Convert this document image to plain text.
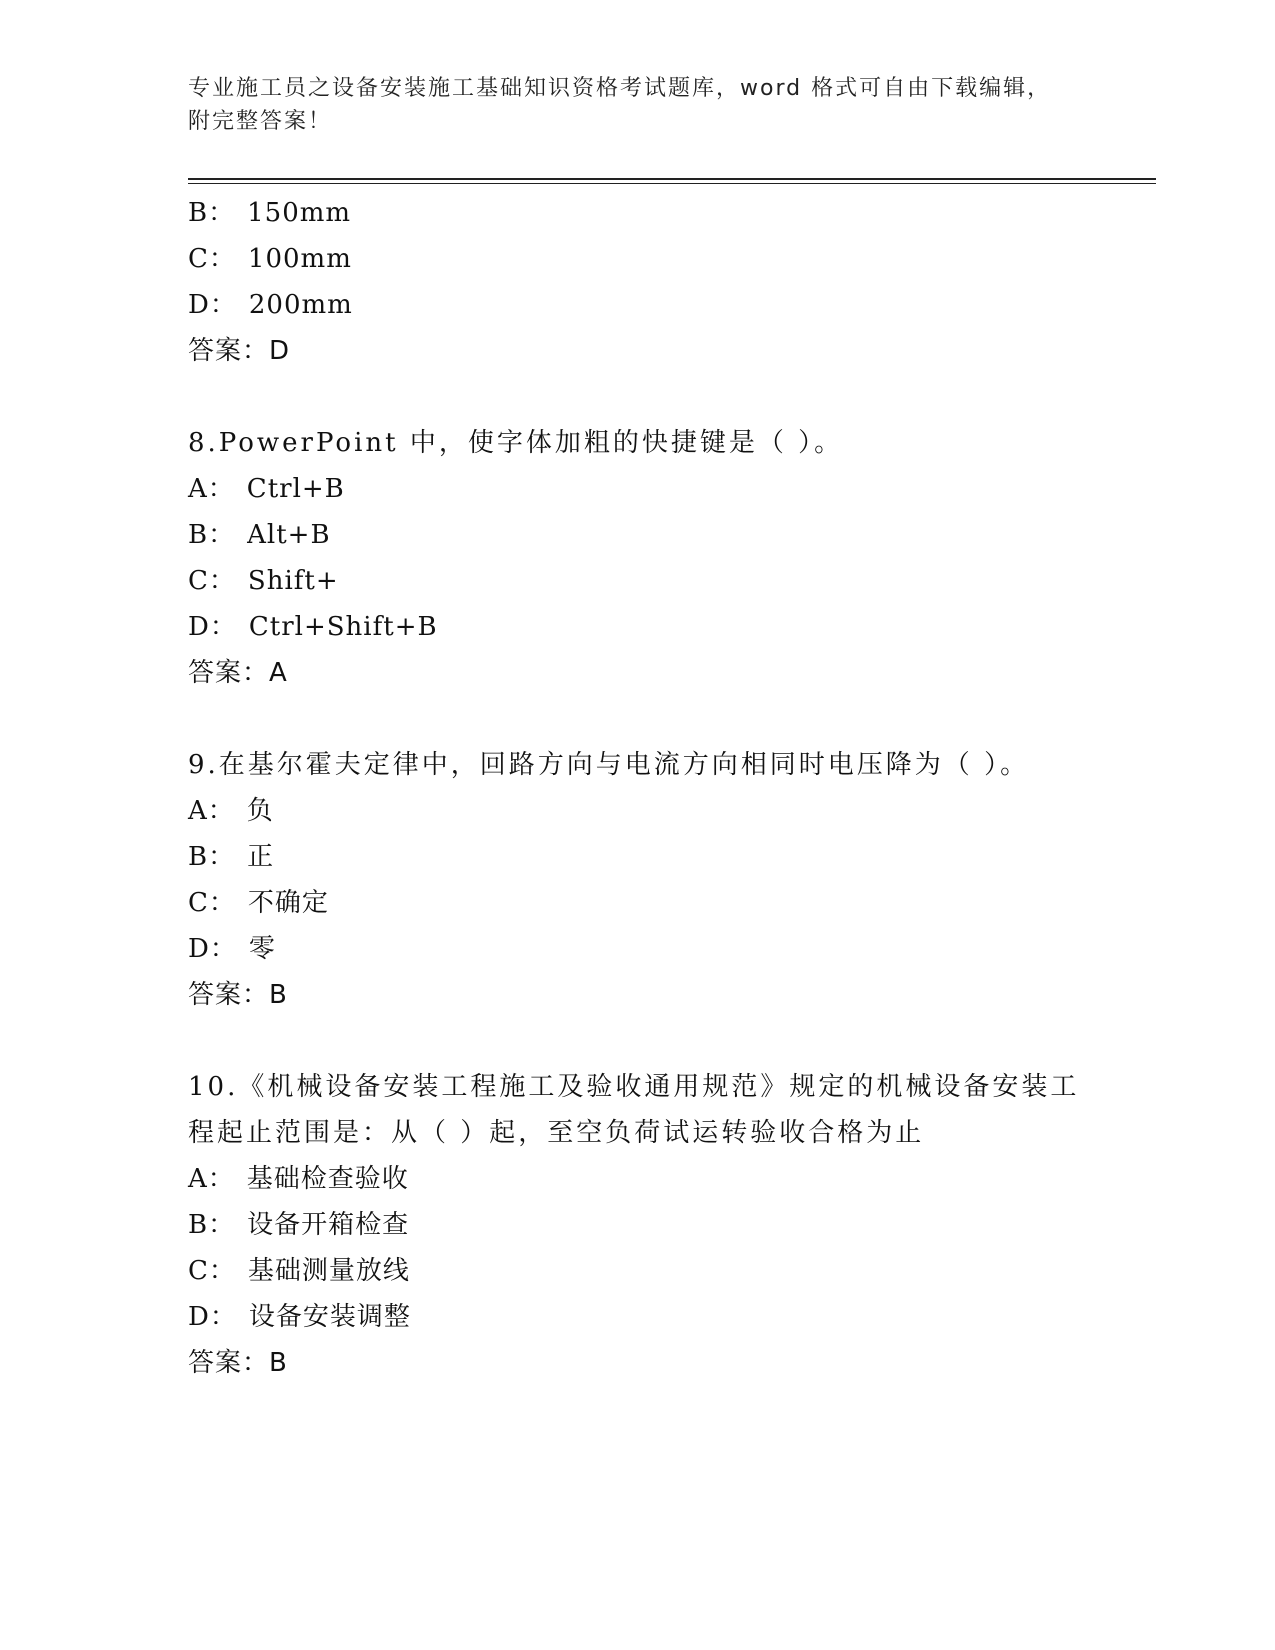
专业施工员之设备安装施工基础知识资格考试题库，word 格式可自由下载编辑，
附完整答案！
B： 150mm
C： 100mm
D： 200mm
答案：D
8.PowerPoint 中，使字体加粗的快捷键是（ ）。
A： Ctrl+B
B： Alt+B
C： Shift+
D： Ctrl+Shift+B
答案：A
9.在基尔霍夫定律中，回路方向与电流方向相同时电压降为（ ）。
A： 负
B： 正
C： 不确定
D： 零
答案：B
10.《机械设备安装工程施工及验收通用规范》规定的机械设备安装工
程起止范围是：从（ ）起，至空负荷试运转验收合格为止
A： 基础检查验收
B： 设备开箱检查
C： 基础测量放线
D： 设备安装调整
答案：B
